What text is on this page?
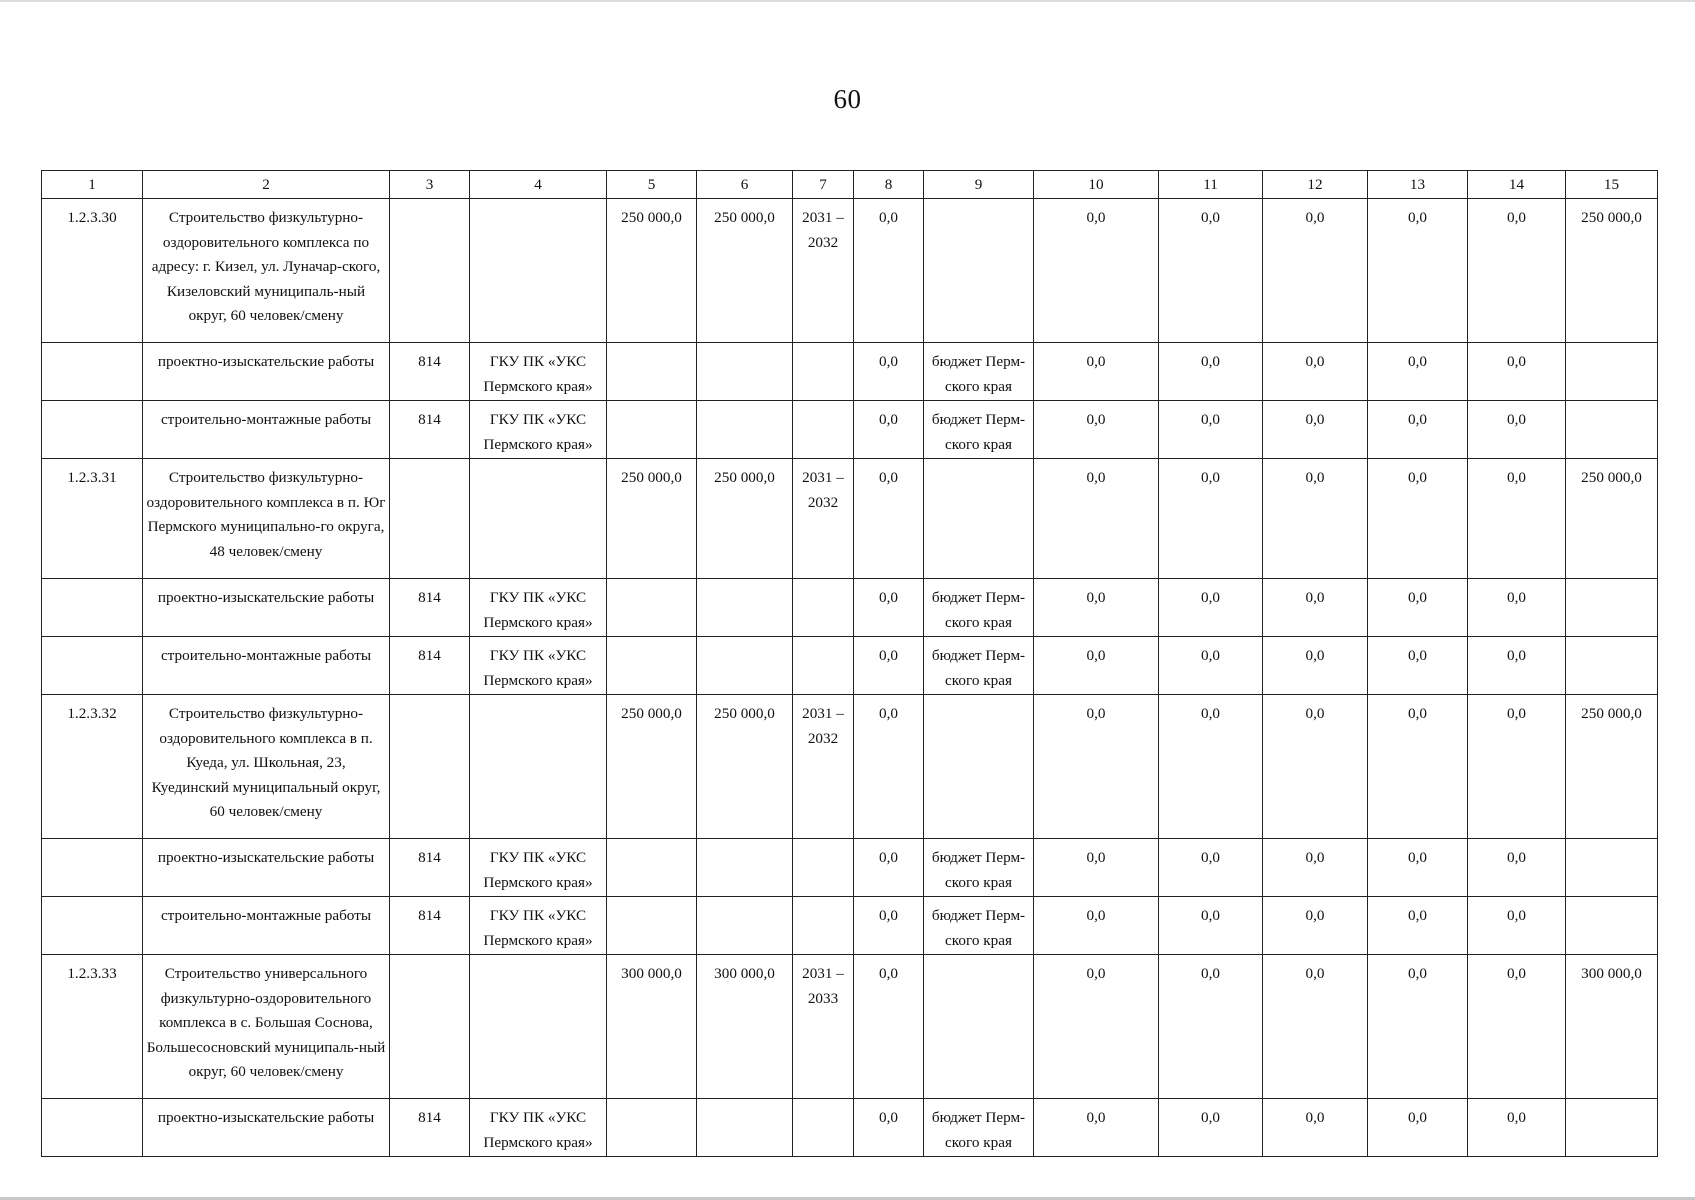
60
1	2	3	4	5	6	7	8	9	10	11	12	13	14	15
1.2.3.30	Строительство физкультурно-оздоровительного комплекса по адресу: г. Кизел, ул. Луначар-ского, Кизеловский муниципаль-ный округ, 60 человек/смену			250 000,0	250 000,0	2031 – 2032	0,0		0,0	0,0	0,0	0,0	0,0	250 000,0
	проектно-изыскательские работы	814	ГКУ ПК «УКС Пермского края»				0,0	бюджет Перм-ского края	0,0	0,0	0,0	0,0	0,0	
	строительно-монтажные работы	814	ГКУ ПК «УКС Пермского края»				0,0	бюджет Перм-ского края	0,0	0,0	0,0	0,0	0,0	
1.2.3.31	Строительство физкультурно-оздоровительного комплекса в п. Юг Пермского муниципально-го округа, 48 человек/смену			250 000,0	250 000,0	2031 – 2032	0,0		0,0	0,0	0,0	0,0	0,0	250 000,0
	проектно-изыскательские работы	814	ГКУ ПК «УКС Пермского края»				0,0	бюджет Перм-ского края	0,0	0,0	0,0	0,0	0,0	
	строительно-монтажные работы	814	ГКУ ПК «УКС Пермского края»				0,0	бюджет Перм-ского края	0,0	0,0	0,0	0,0	0,0	
1.2.3.32	Строительство физкультурно-оздоровительного комплекса в п. Куеда, ул. Школьная, 23, Куединский муниципальный округ, 60 человек/смену			250 000,0	250 000,0	2031 – 2032	0,0		0,0	0,0	0,0	0,0	0,0	250 000,0
	проектно-изыскательские работы	814	ГКУ ПК «УКС Пермского края»				0,0	бюджет Перм-ского края	0,0	0,0	0,0	0,0	0,0	
	строительно-монтажные работы	814	ГКУ ПК «УКС Пермского края»				0,0	бюджет Перм-ского края	0,0	0,0	0,0	0,0	0,0	
1.2.3.33	Строительство универсального физкультурно-оздоровительного комплекса в с. Большая Соснова, Большесосновский муниципаль-ный округ, 60 человек/смену			300 000,0	300 000,0	2031 – 2033	0,0		0,0	0,0	0,0	0,0	0,0	300 000,0
	проектно-изыскательские работы	814	ГКУ ПК «УКС Пермского края»				0,0	бюджет Перм-ского края	0,0	0,0	0,0	0,0	0,0	
